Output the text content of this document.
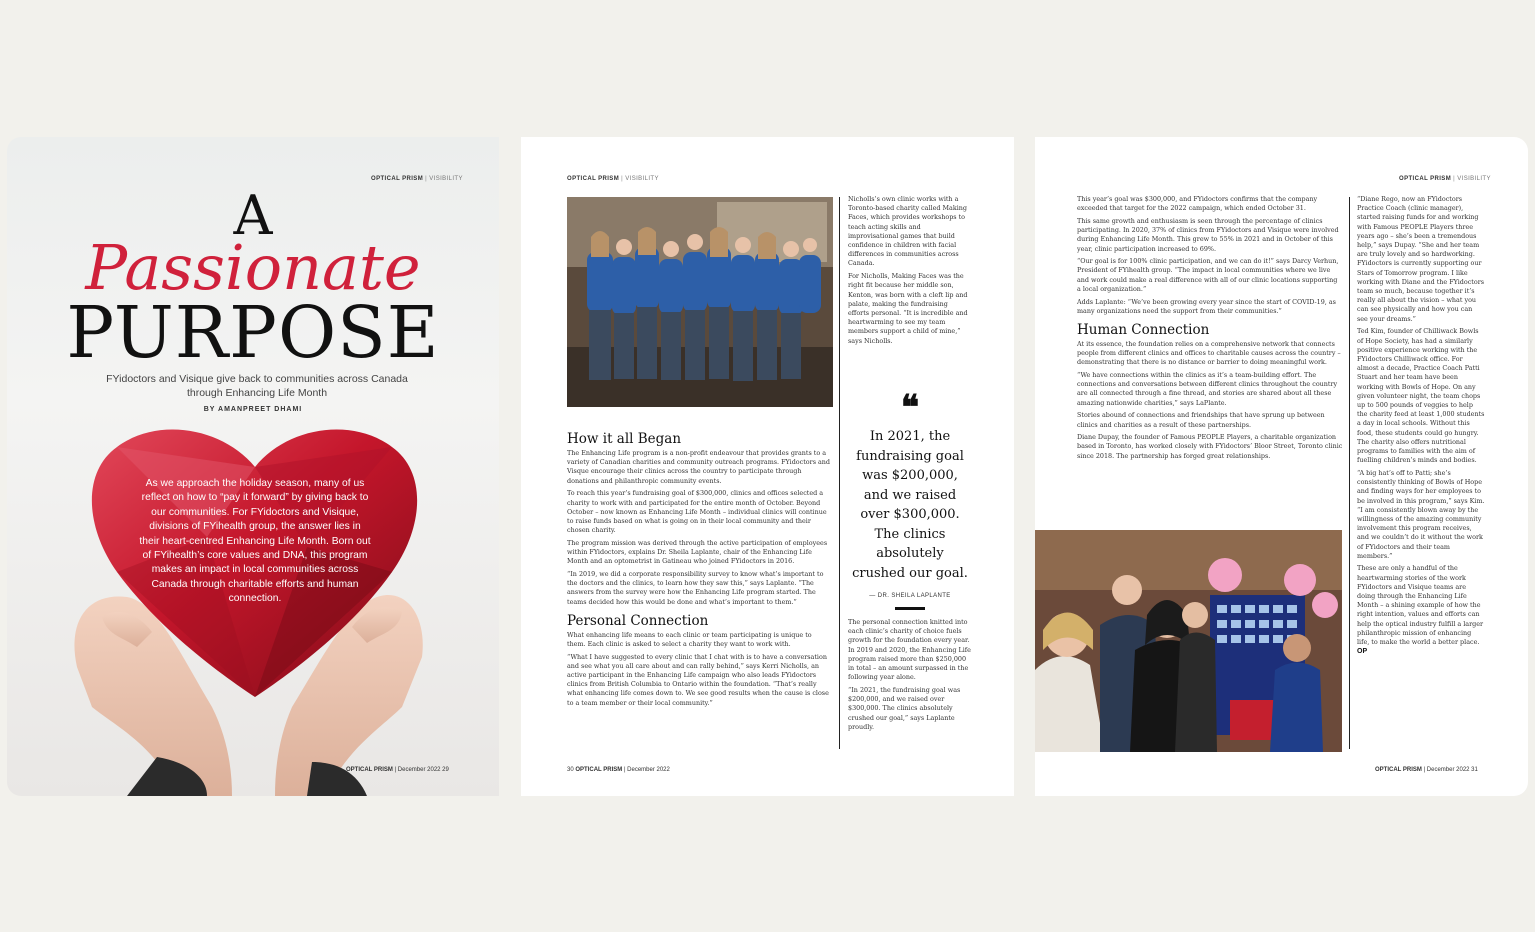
OPTICAL PRISM | VISIBILITY
A
Passionate
PURPOSE
FYidoctors and Visique give back to communities across Canada through Enhancing Life Month
BY AMANPREET DHAMI
As we approach the holiday season, many of us reflect on how to “pay it forward” by giving back to our communities. For FYidoctors and Visique, divisions of FYihealth group, the answer lies in their heart-centred Enhancing Life Month. Born out of FYihealth’s core values and DNA, this program makes an impact in local communities across Canada through charitable efforts and human connection.
OPTICAL PRISM | December 2022 29
OPTICAL PRISM | VISIBILITY
How it all Began

The Enhancing Life program is a non-profit endeavour that provides grants to a variety of Canadian charities and community outreach programs. FYidoctors and Visque encourage their clinics across the country to participate through donations and philanthropic community events.

To reach this year’s fundraising goal of $300,000, clinics and offices selected a charity to work with and participated for the entire month of October. Beyond October – now known as Enhancing Life Month – individual clinics will continue to raise funds based on what is going on in their local community and their chosen charity.

The program mission was derived through the active participation of employees within FYidoctors, explains Dr. Sheila Laplante, chair of the Enhancing Life Month and an optometrist in Gatineau who joined FYidoctors in 2016.

“In 2019, we did a corporate responsibility survey to know what’s important to the doctors and the clinics, to learn how they saw this,” says Laplante. “The answers from the survey were how the Enhancing Life program started. The teams decided how this would be done and what’s important to them.”

Personal Connection

What enhancing life means to each clinic or team participating is unique to them. Each clinic is asked to select a charity they want to work with.

“What I have suggested to every clinic that I chat with is to have a conversation and see what you all care about and can rally behind,” says Kerri Nicholls, an active participant in the Enhancing Life campaign who also leads FYidoctors clinics from British Columbia to Ontario within the foundation. “That’s really what enhancing life comes down to. We see good results when the cause is close to a team member or their local community.”

Nicholls’s own clinic works with a Toronto-based charity called Making Faces, which provides workshops to teach acting skills and improvisational games that build confidence in children with facial differences in communities across Canada.

For Nicholls, Making Faces was the right fit because her middle son, Kenton, was born with a cleft lip and palate, making the fundraising efforts personal. “It is incredible and heartwarming to see my team members support a child of mine,” says Nicholls.

❝
In 2021, the fundraising goal was $200,000, and we raised over $300,000. The clinics absolutely crushed our goal.
— DR. SHEILA LAPLANTE

The personal connection knitted into each clinic’s charity of choice fuels growth for the foundation every year. In 2019 and 2020, the Enhancing Life program raised more than $250,000 in total – an amount surpassed in the following year alone.

“In 2021, the fundraising goal was $200,000, and we raised over $300,000. The clinics absolutely crushed our goal,” says Laplante proudly.

30 OPTICAL PRISM | December 2022
OPTICAL PRISM | VISIBILITY

This year’s goal was $300,000, and FYidoctors confirms that the company exceeded that target for the 2022 campaign, which ended October 31.

This same growth and enthusiasm is seen through the percentage of clinics participating. In 2020, 37% of clinics from FYidoctors and Visique were involved during Enhancing Life Month. This grew to 55% in 2021 and in October of this year, clinic participation increased to 69%.

“Our goal is for 100% clinic participation, and we can do it!” says Darcy Verhun, President of FYihealth group. “The impact in local communities where we live and work could make a real difference with all of our clinic locations supporting a local organization.”

Adds Laplante: “We’ve been growing every year since the start of COVID-19, as many organizations need the support from their communities.”

Human Connection

At its essence, the foundation relies on a comprehensive network that connects people from different clinics and offices to charitable causes across the country – demonstrating that there is no distance or barrier to doing meaningful work.

“We have connections within the clinics as it’s a team-building effort. The connections and conversations between different clinics throughout the country are all connected through a fine thread, and stories are shared about all these amazing nationwide charities,” says LaPlante.

Stories abound of connections and friendships that have sprung up between clinics and charities as a result of these partnerships.

Diane Dupay, the founder of Famous PEOPLE Players, a charitable organization based in Toronto, has worked closely with FYidoctors’ Bloor Street, Toronto clinic since 2018. The partnership has forged great relationships.

“Diane Rego, now an FYidoctors Practice Coach (clinic manager), started raising funds for and working with Famous PEOPLE Players three years ago – she’s been a tremendous help,” says Dupay. “She and her team are truly lovely and so hardworking. FYidoctors is currently supporting our Stars of Tomorrow program. I like working with Diane and the FYidoctors team so much, because together it’s really all about the vision – what you can see physically and how you can see your dreams.”

Ted Kim, founder of Chilliwack Bowls of Hope Society, has had a similarly positive experience working with the FYidoctors Chilliwack office. For almost a decade, Practice Coach Patti Stuart and her team have been working with Bowls of Hope. On any given volunteer night, the team chops up to 500 pounds of veggies to help the charity feed at least 1,000 students a day in local schools. Without this food, these students could go hungry. The charity also offers nutritional programs to families with the aim of fuelling children’s minds and bodies.

“A big hat’s off to Patti; she’s consistently thinking of Bowls of Hope and finding ways for her employees to be involved in this program,” says Kim. “I am consistently blown away by the willingness of the amazing community involvement this program receives, and we couldn’t do it without the work of FYidoctors and their team members.”

These are only a handful of the heartwarming stories of the work FYidoctors and Visique teams are doing through the Enhancing Life Month – a shining example of how the right intention, values and efforts can help the optical industry fulfill a larger philanthropic mission of enhancing life, to make the world a better place. OP

OPTICAL PRISM | December 2022 31
